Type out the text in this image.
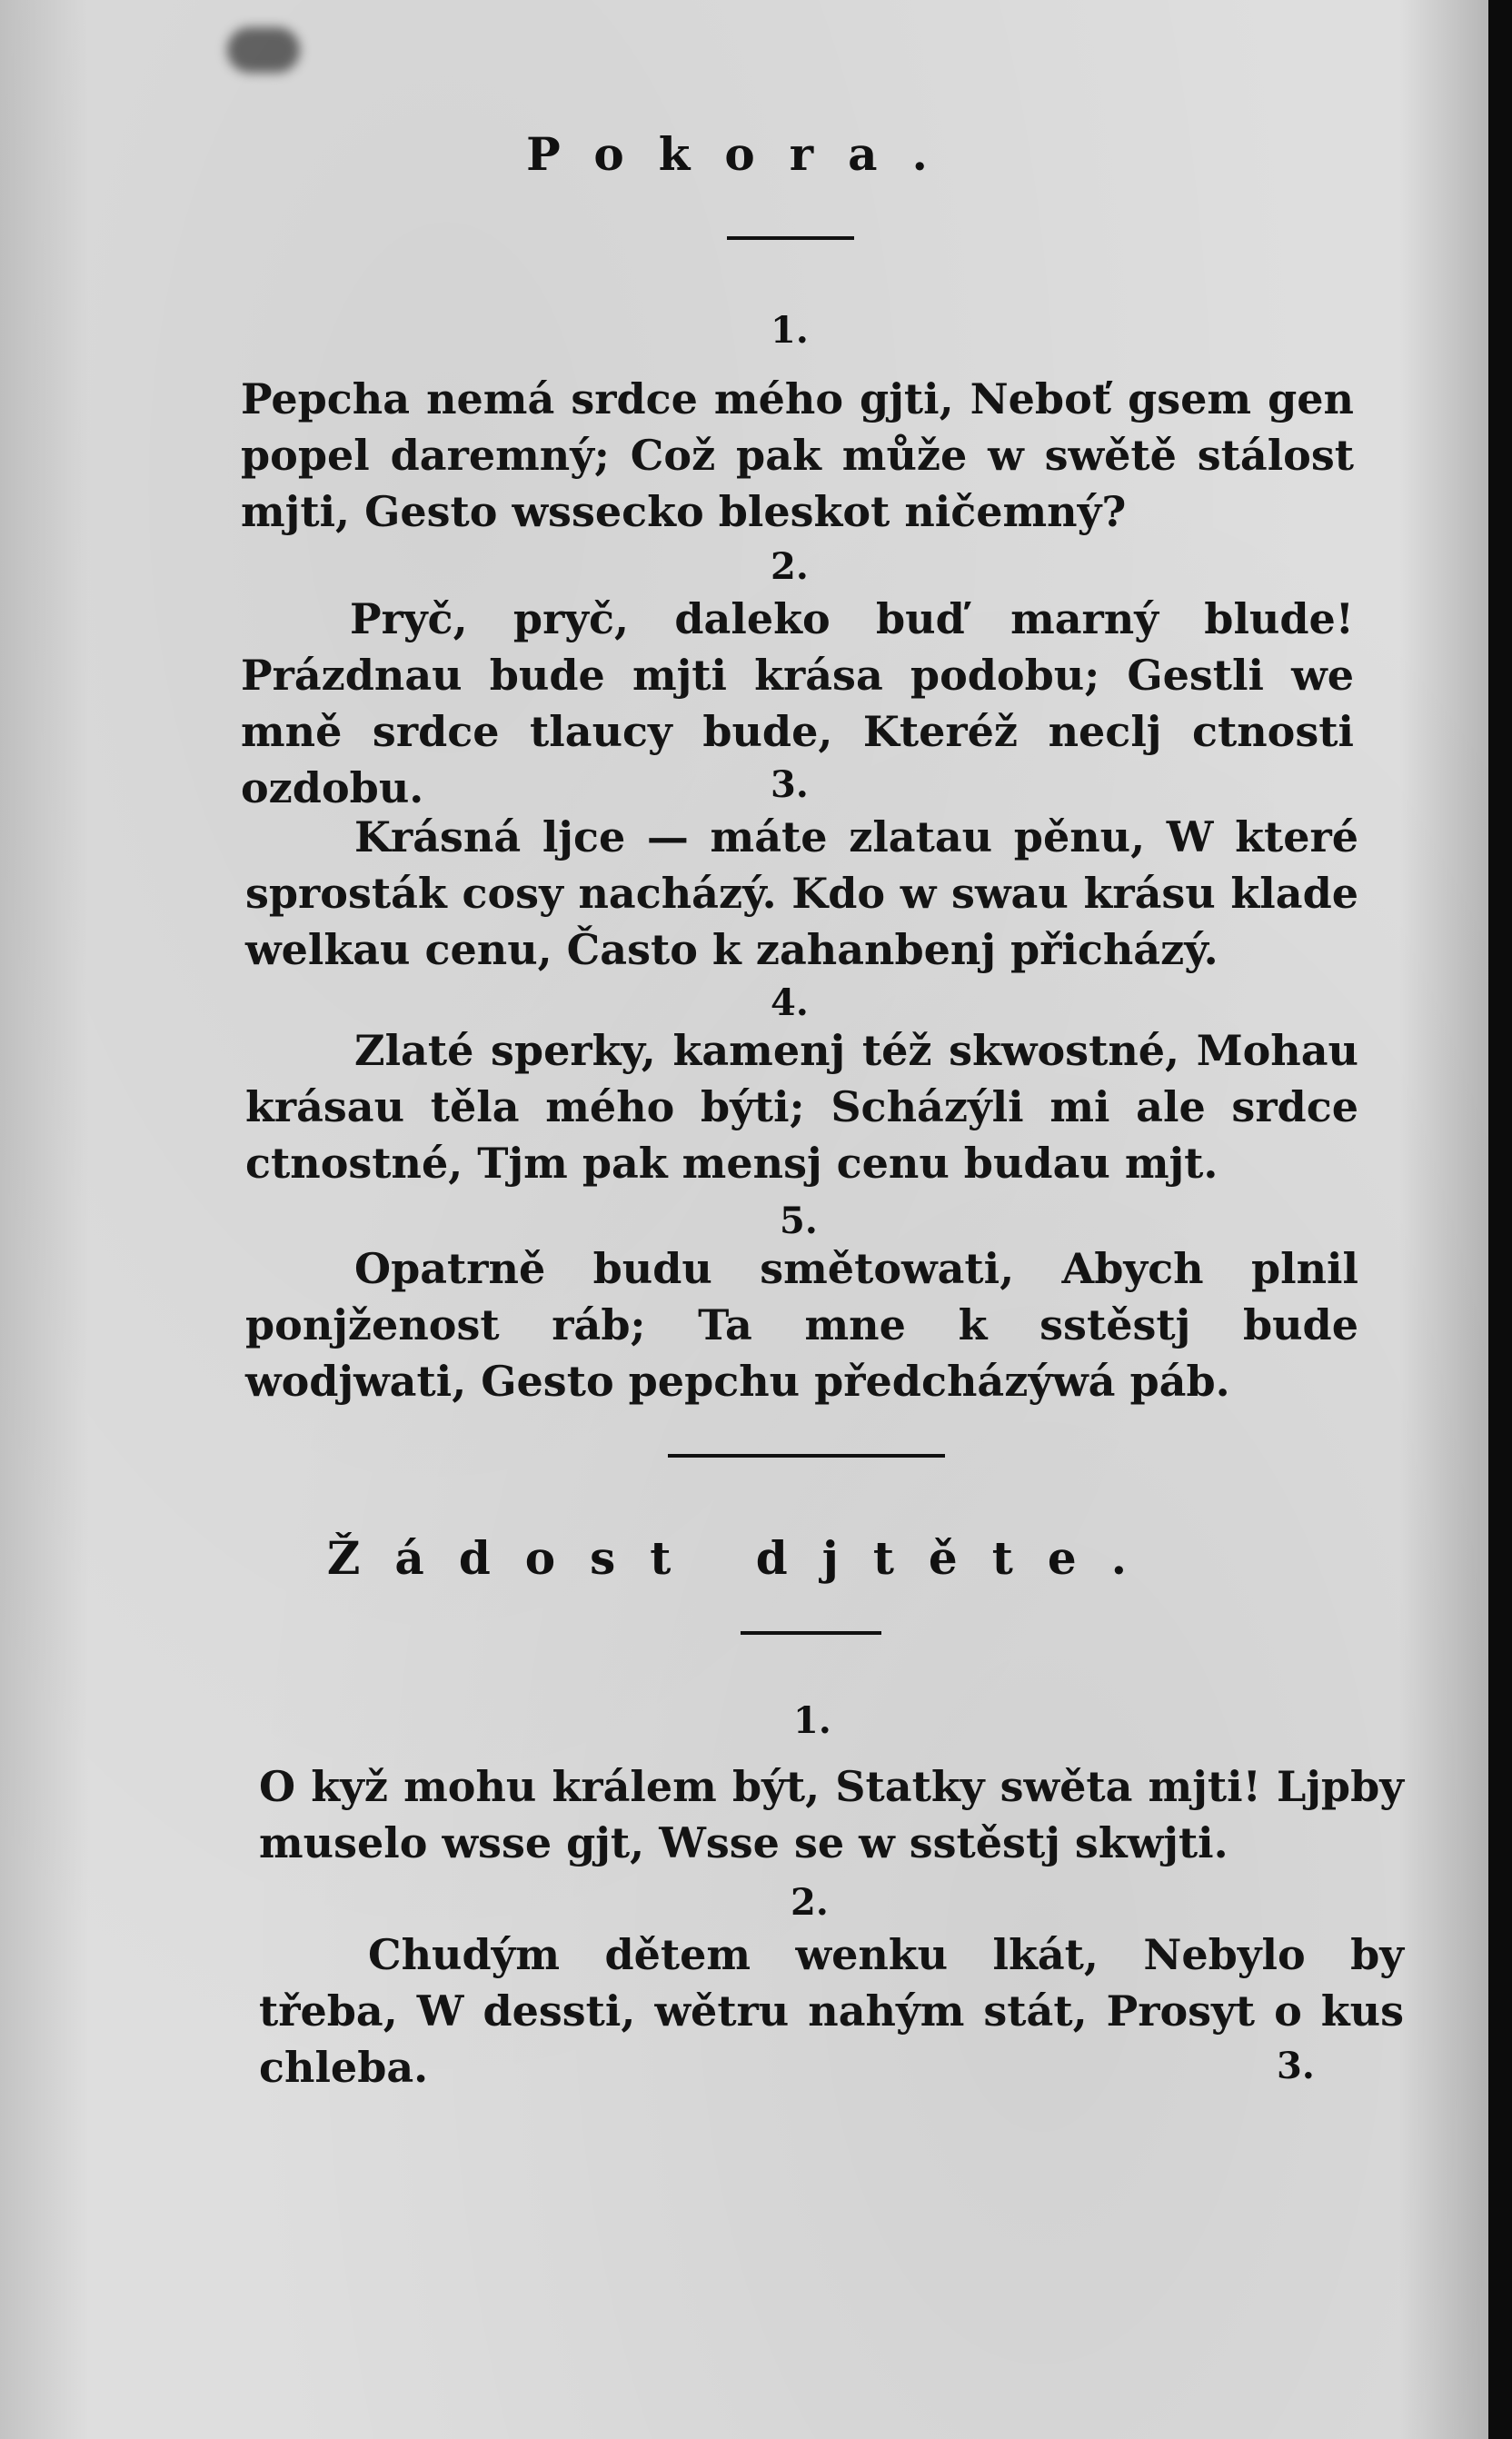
Pokora.
1.

Pepcha nemá srdce mého gjti, Neboť gsem gen popel daremný; Což pak může w swětě stálost mjti, Gesto wssecko bleskot ničemný?

2.

Pryč, pryč, daleko buď marný blude! Prázdnau bude mjti krása podobu; Gestli we mně srdce tlaucy bude, Kteréž neclj ctnosti ozdobu.	3.

Krásná ljce — máte zlatau pěnu, W které sprosták cosy nacházý. Kdo w swau krásu klade welkau cenu, Často k zahanbenj přicházý.

4.

Zlaté sperky, kamenj též skwostné, Mohau krásau těla mého býti; Scházýli mi ale srdce ctnostné, Tjm pak mensj cenu budau mjt.

5.

Opatrně budu smětowati, Abych plnil ponjženost ráb; Ta mne k sstěstj bude wodjwati, Gesto pepchu předcházýwá páb.

Žádost djtěte.
1.

O kyž mohu králem být, Statky swěta mjti! Ljpby muselo wsse gjt, Wsse se w sstěstj skwjti.

2.

Chudým dětem wenku lkát, Nebylo by třeba, W dessti, wětru nahým stát, Prosyt o kus chleba.	3.
